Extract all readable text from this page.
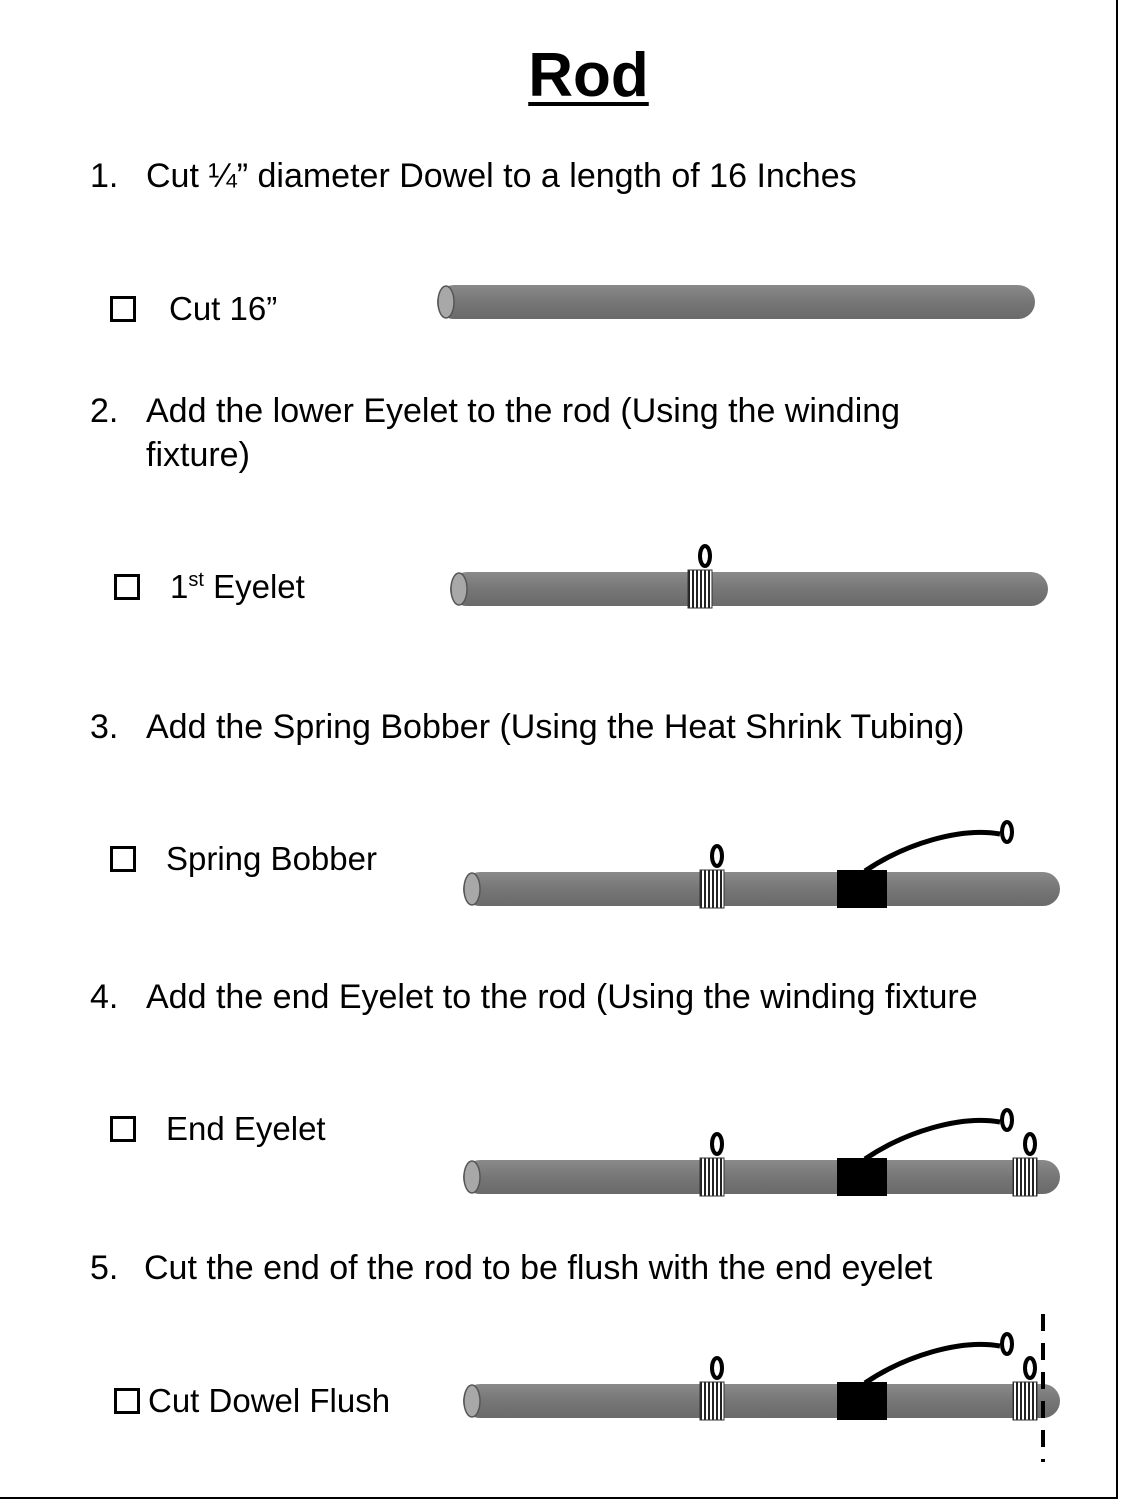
Rod
1. Cut ¼” diameter Dowel to a length of 16 Inches
Cut 16”
2. Add the lower Eyelet to the rod (Using the winding
fixture)
1st Eyelet
3. Add the Spring Bobber (Using the Heat Shrink Tubing)
Spring Bobber
4. Add the end Eyelet to the rod (Using the winding fixture
End Eyelet
5. Cut the end of the rod to be flush with the end eyelet
Cut Dowel Flush
